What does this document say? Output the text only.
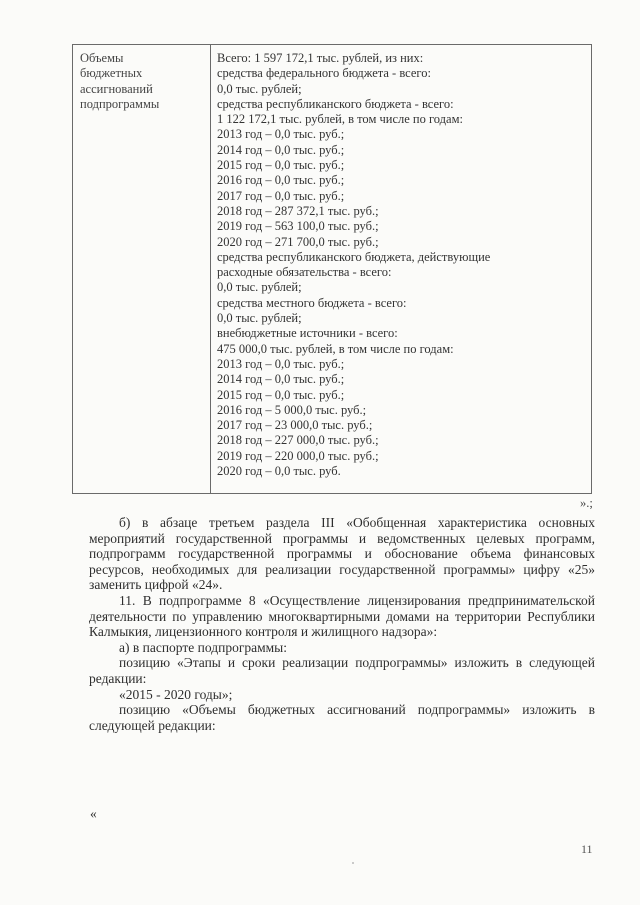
Объемы
бюджетных
ассигнований
подпрограммы
Всего: 1 597 172,1 тыс. рублей, из них:
средства федерального бюджета - всего:
0,0 тыс. рублей;
средства республиканского бюджета - всего:
1 122 172,1 тыс. рублей, в том числе по годам:
2013 год – 0,0 тыс. руб.;
2014 год – 0,0 тыс. руб.;
2015 год – 0,0 тыс. руб.;
2016 год – 0,0 тыс. руб.;
2017 год – 0,0 тыс. руб.;
2018 год – 287 372,1 тыс. руб.;
2019 год – 563 100,0 тыс. руб.;
2020 год – 271 700,0 тыс. руб.;
средства республиканского бюджета, действующие
расходные обязательства - всего:
0,0 тыс. рублей;
средства местного бюджета - всего:
0,0 тыс. рублей;
внебюджетные источники - всего:
475 000,0 тыс. рублей, в том числе по годам:
2013 год – 0,0 тыс. руб.;
2014 год – 0,0 тыс. руб.;
2015 год – 0,0 тыс. руб.;
2016 год – 5 000,0 тыс. руб.;
2017 год – 23 000,0 тыс. руб.;
2018 год – 227 000,0 тыс. руб.;
2019 год – 220 000,0 тыс. руб.;
2020 год – 0,0 тыс. руб.
».;

б) в абзаце третьем раздела III «Обобщенная характеристика основных мероприятий государственной программы и ведомственных целевых программ, подпрограмм государственной программы и обоснование объема финансовых ресурсов, необходимых для реализации государственной программы» цифру «25» заменить цифрой «24».

11. В подпрограмме 8 «Осуществление лицензирования предпринимательской деятельности по управлению многоквартирными домами на территории Республики Калмыкия, лицензионного контроля и жилищного надзора»:

а) в паспорте подпрограммы:

позицию «Этапы и сроки реализации подпрограммы» изложить в следующей редакции:

«2015 - 2020 годы»;

позицию «Объемы бюджетных ассигнований подпрограммы» изложить в следующей редакции:

«
11
